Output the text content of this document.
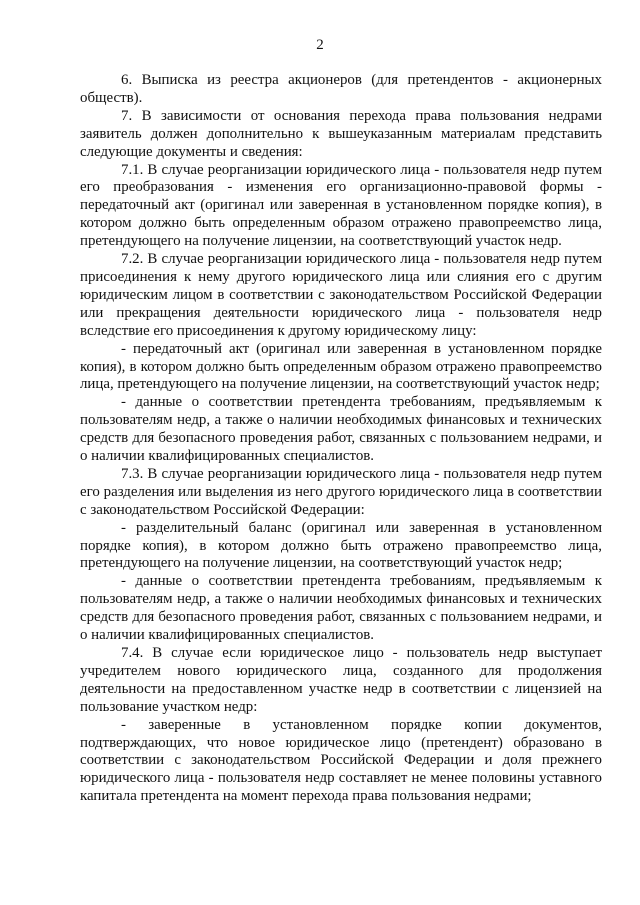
2

6. Выписка из реестра акционеров (для претендентов - акционерных обществ).

7. В зависимости от основания перехода права пользования недрами заявитель должен дополнительно к вышеуказанным материалам представить следующие документы и сведения:

7.1. В случае реорганизации юридического лица - пользователя недр путем его преобразования - изменения его организационно-правовой формы - передаточный акт (оригинал или заверенная в установленном порядке копия), в котором должно быть определенным образом отражено правопреемство лица, претендующего на получение лицензии, на соответствующий участок недр.

7.2. В случае реорганизации юридического лица - пользователя недр путем присоединения к нему другого юридического лица или слияния его с другим юридическим лицом в соответствии с законодательством Российской Федерации или прекращения деятельности юридического лица - пользователя недр вследствие его присоединения к другому юридическому лицу:

- передаточный акт (оригинал или заверенная в установленном порядке копия), в котором должно быть определенным образом отражено правопреемство лица, претендующего на получение лицензии, на соответствующий участок недр;

- данные о соответствии претендента требованиям, предъявляемым к пользователям недр, а также о наличии необходимых финансовых и технических средств для безопасного проведения работ, связанных с пользованием недрами, и о наличии квалифицированных специалистов.

7.3. В случае реорганизации юридического лица - пользователя недр путем его разделения или выделения из него другого юридического лица в соответствии с законодательством Российской Федерации:

- разделительный баланс (оригинал или заверенная в установленном порядке копия), в котором должно быть отражено правопреемство лица, претендующего на получение лицензии, на соответствующий участок недр;

- данные о соответствии претендента требованиям, предъявляемым к пользователям недр, а также о наличии необходимых финансовых и технических средств для безопасного проведения работ, связанных с пользованием недрами, и о наличии квалифицированных специалистов.

7.4. В случае если юридическое лицо - пользователь недр выступает учредителем нового юридического лица, созданного для продолжения деятельности на предоставленном участке недр в соответствии с лицензией на пользование участком недр:

- заверенные в установленном порядке копии документов, подтверждающих, что новое юридическое лицо (претендент) образовано в соответствии с законодательством Российской Федерации и доля прежнего юридического лица - пользователя недр составляет не менее половины уставного капитала претендента на момент перехода права пользования недрами;
